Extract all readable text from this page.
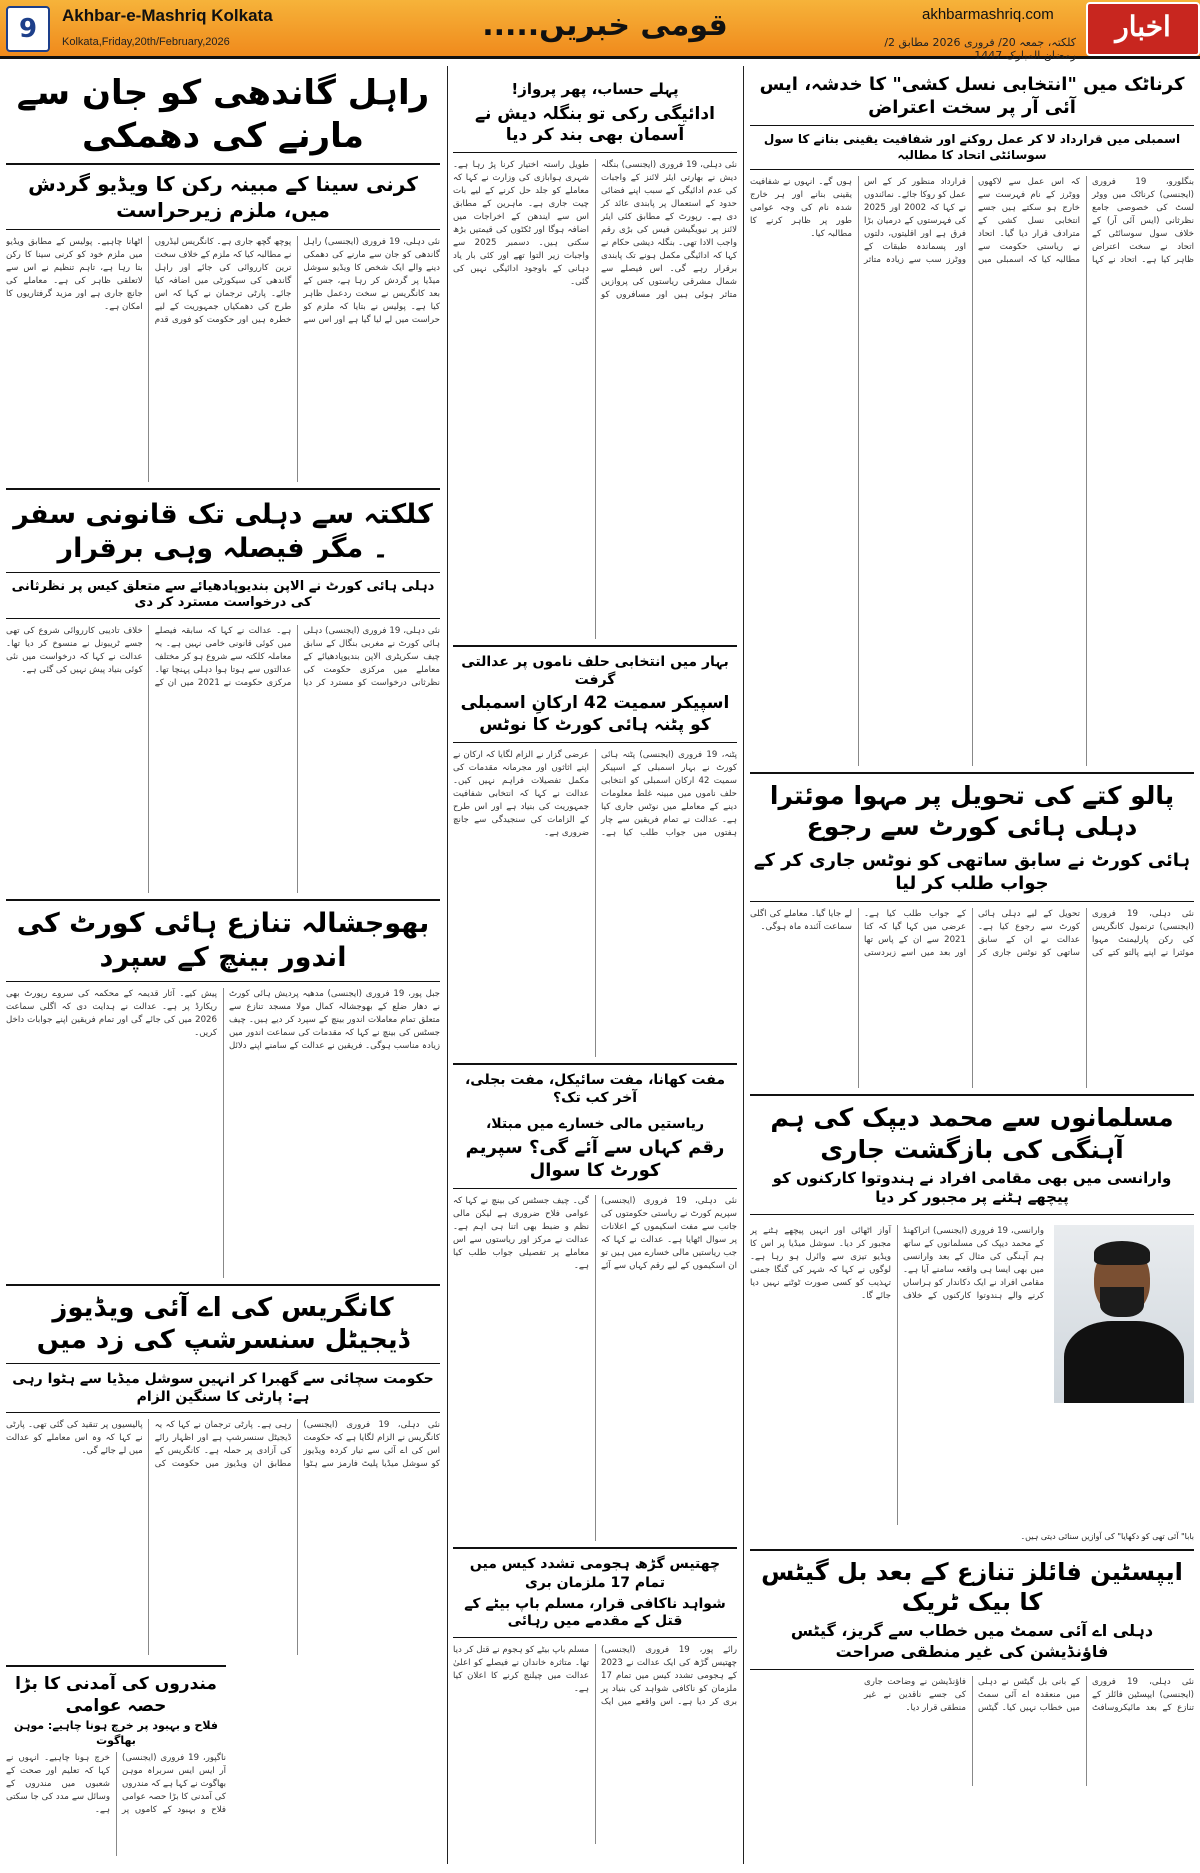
9	Akhbar-e-Mashriq Kolkata
Kolkata,Friday,20th/February,2026	قومی خبریں.....	akhbarmashriq.com
کلکتہ، جمعہ 20/ فروری 2026 مطابق 2/ رمضان المبارک 1447
اخبار
راہل گاندھی کو جان سے مارنے کی دھمکی
کرنی سینا کے مبینہ رکن کا ویڈیو گردش میں، ملزم زیرحراست
نئی دہلی، 19 فروری (ایجنسی) راہل گاندھی کو جان سے مارنے کی دھمکی دینے والے ایک شخص کا ویڈیو سوشل میڈیا پر گردش کر رہا ہے، جس کے بعد کانگریس نے سخت ردعمل ظاہر کیا ہے۔ پولیس نے بتایا کہ ملزم کو حراست میں لے لیا گیا ہے اور اس سے پوچھ گچھ جاری ہے۔ کانگریس لیڈروں نے مطالبہ کیا کہ ملزم کے خلاف سخت ترین کارروائی کی جائے اور راہل گاندھی کی سیکورٹی میں اضافہ کیا جائے۔ پارٹی ترجمان نے کہا کہ اس طرح کی دھمکیاں جمہوریت کے لیے خطرہ ہیں اور حکومت کو فوری قدم اٹھانا چاہیے۔ پولیس کے مطابق ویڈیو میں ملزم خود کو کرنی سینا کا رکن بتا رہا ہے، تاہم تنظیم نے اس سے لاتعلقی ظاہر کی ہے۔ معاملے کی جانچ جاری ہے اور مزید گرفتاریوں کا امکان ہے۔
کلکتہ سے دہلی تک قانونی سفر ۔ مگر فیصلہ وہی برقرار
دہلی ہائی کورٹ نے الاپن بندیوپادھیائے سے متعلق کیس پر نظرثانی کی درخواست مسترد کر دی
نئی دہلی، 19 فروری (ایجنسی) دہلی ہائی کورٹ نے مغربی بنگال کے سابق چیف سکریٹری الاپن بندیوپادھیائے کے معاملے میں مرکزی حکومت کی نظرثانی درخواست کو مسترد کر دیا ہے۔ عدالت نے کہا کہ سابقہ فیصلے میں کوئی قانونی خامی نہیں ہے۔ یہ معاملہ کلکتہ سے شروع ہو کر مختلف عدالتوں سے ہوتا ہوا دہلی پہنچا تھا۔ مرکزی حکومت نے 2021 میں ان کے خلاف تادیبی کارروائی شروع کی تھی جسے ٹریبونل نے منسوخ کر دیا تھا۔ عدالت نے کہا کہ درخواست میں نئی کوئی بنیاد پیش نہیں کی گئی ہے۔
بھوجشالہ تنازع ہائی کورٹ کی اندور بینچ کے سپرد
جبل پور، 19 فروری (ایجنسی) مدھیہ پردیش ہائی کورٹ نے دھار ضلع کے بھوجشالہ کمال مولا مسجد تنازع سے متعلق تمام معاملات اندور بینچ کے سپرد کر دیے ہیں۔ چیف جسٹس کی بینچ نے کہا کہ مقدمات کی سماعت اندور میں زیادہ مناسب ہوگی۔ فریقین نے عدالت کے سامنے اپنے دلائل پیش کیے۔ آثار قدیمہ کے محکمہ کی سروے رپورٹ بھی ریکارڈ پر ہے۔ عدالت نے ہدایت دی کہ اگلی سماعت 2026 میں کی جائے گی اور تمام فریقین اپنے جوابات داخل کریں۔
کانگریس کی اے آئی ویڈیوز ڈیجیٹل سنسرشپ کی زد میں
حکومت سچائی سے گھبرا کر انہیں سوشل میڈیا سے ہٹوا رہی ہے: پارٹی کا سنگین الزام
نئی دہلی، 19 فروری (ایجنسی) کانگریس نے الزام لگایا ہے کہ حکومت اس کی اے آئی سے تیار کردہ ویڈیوز کو سوشل میڈیا پلیٹ فارمز سے ہٹوا رہی ہے۔ پارٹی ترجمان نے کہا کہ یہ ڈیجیٹل سنسرشپ ہے اور اظہار رائے کی آزادی پر حملہ ہے۔ کانگریس کے مطابق ان ویڈیوز میں حکومت کی پالیسیوں پر تنقید کی گئی تھی۔ پارٹی نے کہا کہ وہ اس معاملے کو عدالت میں لے جائے گی۔
مندروں کی آمدنی کا بڑا حصہ عوامی
فلاح و بہبود پر خرچ ہونا چاہیے: موہن بھاگوت
ناگپور، 19 فروری (ایجنسی) آر ایس ایس سربراہ موہن بھاگوت نے کہا ہے کہ مندروں کی آمدنی کا بڑا حصہ عوامی فلاح و بہبود کے کاموں پر خرچ ہونا چاہیے۔ انہوں نے کہا کہ تعلیم اور صحت کے شعبوں میں مندروں کے وسائل سے مدد کی جا سکتی ہے۔
پہلے حساب، پھر پرواز!
ادائیگی رکی تو بنگلہ دیش نے آسمان بھی بند کر دیا
نئی دہلی، 19 فروری (ایجنسی) بنگلہ دیش نے بھارتی ایئر لائنز کے واجبات کی عدم ادائیگی کے سبب اپنے فضائی حدود کے استعمال پر پابندی عائد کر دی ہے۔ رپورٹ کے مطابق کئی ایئر لائنز پر نیویگیشن فیس کی بڑی رقم واجب الادا تھی۔ بنگلہ دیشی حکام نے کہا کہ ادائیگی مکمل ہونے تک پابندی برقرار رہے گی۔ اس فیصلے سے شمال مشرقی ریاستوں کی پروازیں متاثر ہوئی ہیں اور مسافروں کو طویل راستہ اختیار کرنا پڑ رہا ہے۔ شہری ہوابازی کی وزارت نے کہا کہ معاملے کو جلد حل کرنے کے لیے بات چیت جاری ہے۔ ماہرین کے مطابق اس سے ایندھن کے اخراجات میں اضافہ ہوگا اور ٹکٹوں کی قیمتیں بڑھ سکتی ہیں۔ دسمبر 2025 سے واجبات زیر التوا تھے اور کئی بار یاد دہانی کے باوجود ادائیگی نہیں کی گئی۔
بہار میں انتخابی حلف ناموں پر عدالتی گرفت
اسپیکر سمیت 42 ارکانِ اسمبلی کو پٹنہ ہائی کورٹ کا نوٹس
پٹنہ، 19 فروری (ایجنسی) پٹنہ ہائی کورٹ نے بہار اسمبلی کے اسپیکر سمیت 42 ارکان اسمبلی کو انتخابی حلف ناموں میں مبینہ غلط معلومات دینے کے معاملے میں نوٹس جاری کیا ہے۔ عدالت نے تمام فریقین سے چار ہفتوں میں جواب طلب کیا ہے۔ عرضی گزار نے الزام لگایا کہ ارکان نے اپنے اثاثوں اور مجرمانہ مقدمات کی مکمل تفصیلات فراہم نہیں کیں۔ عدالت نے کہا کہ انتخابی شفافیت جمہوریت کی بنیاد ہے اور اس طرح کے الزامات کی سنجیدگی سے جانچ ضروری ہے۔
مفت کھانا، مفت سائیکل، مفت بجلی، آخر کب تک؟
ریاستیں مالی خسارے میں مبتلا،
رقم کہاں سے آئے گی؟ سپریم کورٹ کا سوال
نئی دہلی، 19 فروری (ایجنسی) سپریم کورٹ نے ریاستی حکومتوں کی جانب سے مفت اسکیموں کے اعلانات پر سوال اٹھایا ہے۔ عدالت نے کہا کہ جب ریاستیں مالی خسارے میں ہیں تو ان اسکیموں کے لیے رقم کہاں سے آئے گی۔ چیف جسٹس کی بینچ نے کہا کہ عوامی فلاح ضروری ہے لیکن مالی نظم و ضبط بھی اتنا ہی اہم ہے۔ عدالت نے مرکز اور ریاستوں سے اس معاملے پر تفصیلی جواب طلب کیا ہے۔
چھتیس گڑھ ہجومی تشدد کیس میں تمام 17 ملزمان بری
شواہد ناکافی قرار، مسلم باپ بیٹے کے قتل کے مقدمے میں رہائی
رائے پور، 19 فروری (ایجنسی) چھتیس گڑھ کی ایک عدالت نے 2023 کے ہجومی تشدد کیس میں تمام 17 ملزمان کو ناکافی شواہد کی بنیاد پر بری کر دیا ہے۔ اس واقعے میں ایک مسلم باپ بیٹے کو ہجوم نے قتل کر دیا تھا۔ متاثرہ خاندان نے فیصلے کو اعلیٰ عدالت میں چیلنج کرنے کا اعلان کیا ہے۔
کرناٹک میں "انتخابی نسل کشی" کا خدشہ، ایس آئی آر پر سخت اعتراض
اسمبلی میں قرارداد لا کر عمل روکنے اور شفافیت یقینی بنانے کا سول سوسائٹی اتحاد کا مطالبہ
بنگلورو، 19 فروری (ایجنسی) کرناٹک میں ووٹر لسٹ کی خصوصی جامع نظرثانی (ایس آئی آر) کے خلاف سول سوسائٹی کے اتحاد نے سخت اعتراض ظاہر کیا ہے۔ اتحاد نے کہا کہ اس عمل سے لاکھوں ووٹرز کے نام فہرست سے خارج ہو سکتے ہیں جسے انتخابی نسل کشی کے مترادف قرار دیا گیا۔ اتحاد نے ریاستی حکومت سے مطالبہ کیا کہ اسمبلی میں قرارداد منظور کر کے اس عمل کو روکا جائے۔ نمائندوں نے کہا کہ 2002 اور 2025 کی فہرستوں کے درمیان بڑا فرق ہے اور اقلیتوں، دلتوں اور پسماندہ طبقات کے ووٹرز سب سے زیادہ متاثر ہوں گے۔ انہوں نے شفافیت یقینی بنانے اور ہر خارج شدہ نام کی وجہ عوامی طور پر ظاہر کرنے کا مطالبہ کیا۔
پالو کتے کی تحویل پر مہوا موئترا دہلی ہائی کورٹ سے رجوع
ہائی کورٹ نے سابق ساتھی کو نوٹس جاری کر کے جواب طلب کر لیا
نئی دہلی، 19 فروری (ایجنسی) ترنمول کانگریس کی رکن پارلیمنٹ مہوا موئترا نے اپنے پالتو کتے کی تحویل کے لیے دہلی ہائی کورٹ سے رجوع کیا ہے۔ عدالت نے ان کے سابق ساتھی کو نوٹس جاری کر کے جواب طلب کیا ہے۔ عرضی میں کہا گیا کہ کتا 2021 سے ان کے پاس تھا اور بعد میں اسے زبردستی لے جایا گیا۔ معاملے کی اگلی سماعت آئندہ ماہ ہوگی۔
مسلمانوں سے محمد دیپک کی ہم آہنگی کی بازگشت جاری
وارانسی میں بھی مقامی افراد نے ہندوتوا کارکنوں کو پیچھے ہٹنے پر مجبور کر دیا
وارانسی، 19 فروری (ایجنسی) اتراکھنڈ کے محمد دیپک کی مسلمانوں کے ساتھ ہم آہنگی کی مثال کے بعد وارانسی میں بھی ایسا ہی واقعہ سامنے آیا ہے۔ مقامی افراد نے ایک دکاندار کو ہراساں کرنے والے ہندوتوا کارکنوں کے خلاف آواز اٹھائی اور انہیں پیچھے ہٹنے پر مجبور کر دیا۔ سوشل میڈیا پر اس کا ویڈیو تیزی سے وائرل ہو رہا ہے۔ لوگوں نے کہا کہ شہر کی گنگا جمنی تہذیب کو کسی صورت ٹوٹنے نہیں دیا جائے گا۔
بابا" آئی تھی کو دکھایا" کی آوازیں سنائی دیتی ہیں۔
ایپسٹین فائلز تنازع کے بعد بل گیٹس کا بیک ٹریک
دہلی اے آئی سمٹ میں خطاب سے گریز، گیٹس فاؤنڈیشن کی غیر منطقی صراحت
نئی دہلی، 19 فروری (ایجنسی) ایپسٹین فائلز کے تنازع کے بعد مائیکروسافٹ کے بانی بل گیٹس نے دہلی میں منعقدہ اے آئی سمٹ میں خطاب نہیں کیا۔ گیٹس فاؤنڈیشن نے وضاحت جاری کی جسے ناقدین نے غیر منطقی قرار دیا۔
